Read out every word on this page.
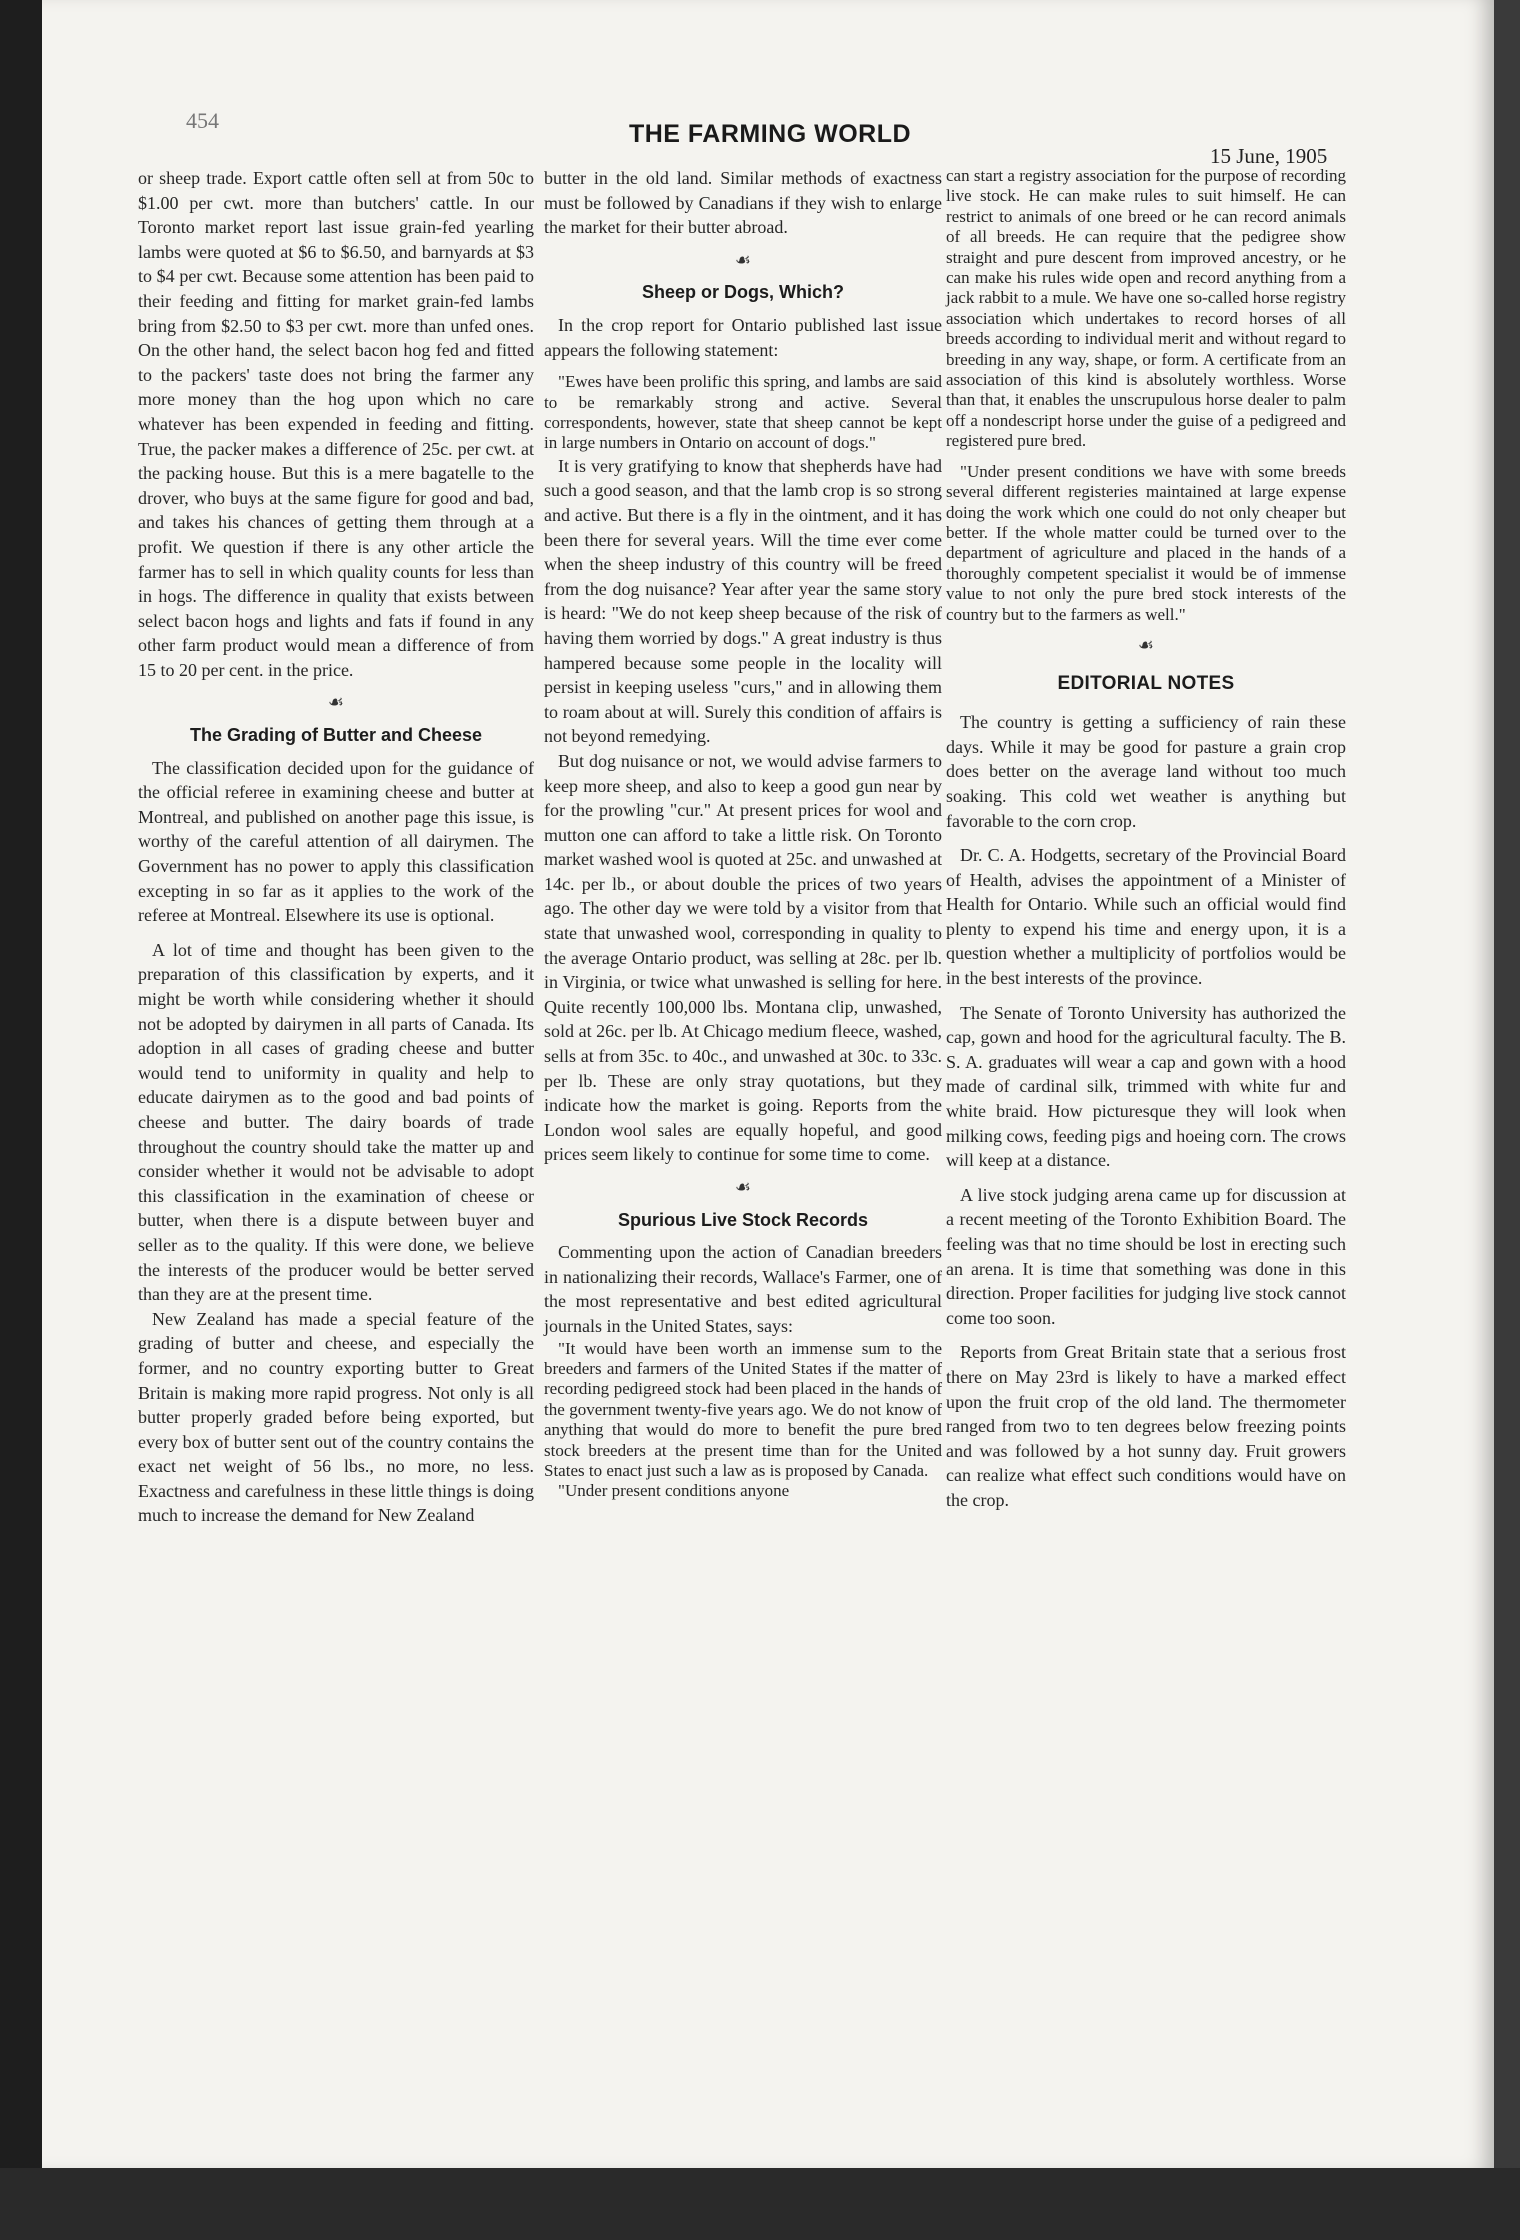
454	THE FARMING WORLD
15 June, 1905

or sheep trade. Export cattle often sell at from 50c to $1.00 per cwt. more than butchers' cattle. In our Toronto market report last issue grain-fed yearling lambs were quoted at $6 to $6.50, and barnyards at $3 to $4 per cwt. Because some attention has been paid to their feeding and fitting for market grain-fed lambs bring from $2.50 to $3 per cwt. more than unfed ones. On the other hand, the select bacon hog fed and fitted to the packers' taste does not bring the farmer any more money than the hog upon which no care whatever has been expended in feeding and fitting. True, the packer makes a difference of 25c. per cwt. at the packing house. But this is a mere bagatelle to the drover, who buys at the same figure for good and bad, and takes his chances of getting them through at a profit. We question if there is any other article the farmer has to sell in which quality counts for less than in hogs. The difference in quality that exists between select bacon hogs and lights and fats if found in any other farm product would mean a difference of from 15 to 20 per cent. in the price.

☙
The Grading of Butter and Cheese

The classification decided upon for the guidance of the official referee in examining cheese and butter at Montreal, and published on another page this issue, is worthy of the careful attention of all dairymen. The Government has no power to apply this classification excepting in so far as it applies to the work of the referee at Montreal. Elsewhere its use is optional.

A lot of time and thought has been given to the preparation of this classification by experts, and it might be worth while considering whether it should not be adopted by dairymen in all parts of Canada. Its adoption in all cases of grading cheese and butter would tend to uniformity in quality and help to educate dairymen as to the good and bad points of cheese and butter. The dairy boards of trade throughout the country should take the matter up and consider whether it would not be advisable to adopt this classification in the examination of cheese or butter, when there is a dispute between buyer and seller as to the quality. If this were done, we believe the interests of the producer would be better served than they are at the present time.

New Zealand has made a special feature of the grading of butter and cheese, and especially the former, and no country exporting butter to Great Britain is making more rapid progress. Not only is all butter properly graded before being exported, but every box of butter sent out of the country contains the exact net weight of 56 lbs., no more, no less. Exactness and carefulness in these little things is doing much to increase the demand for New Zealand

butter in the old land. Similar methods of exactness must be followed by Canadians if they wish to enlarge the market for their butter abroad.

☙
Sheep or Dogs, Which?

In the crop report for Ontario published last issue appears the following statement:

"Ewes have been prolific this spring, and lambs are said to be remarkably strong and active. Several correspondents, however, state that sheep cannot be kept in large numbers in Ontario on account of dogs."

It is very gratifying to know that shepherds have had such a good season, and that the lamb crop is so strong and active. But there is a fly in the ointment, and it has been there for several years. Will the time ever come when the sheep industry of this country will be freed from the dog nuisance? Year after year the same story is heard: "We do not keep sheep because of the risk of having them worried by dogs." A great industry is thus hampered because some people in the locality will persist in keeping useless "curs," and in allowing them to roam about at will. Surely this condition of affairs is not beyond remedying.

But dog nuisance or not, we would advise farmers to keep more sheep, and also to keep a good gun near by for the prowling "cur." At present prices for wool and mutton one can afford to take a little risk. On Toronto market washed wool is quoted at 25c. and unwashed at 14c. per lb., or about double the prices of two years ago. The other day we were told by a visitor from that state that unwashed wool, corresponding in quality to the average Ontario product, was selling at 28c. per lb. in Virginia, or twice what unwashed is selling for here. Quite recently 100,000 lbs. Montana clip, unwashed, sold at 26c. per lb. At Chicago medium fleece, washed, sells at from 35c. to 40c., and unwashed at 30c. to 33c. per lb. These are only stray quotations, but they indicate how the market is going. Reports from the London wool sales are equally hopeful, and good prices seem likely to continue for some time to come.

☙
Spurious Live Stock Records

Commenting upon the action of Canadian breeders in nationalizing their records, Wallace's Farmer, one of the most representative and best edited agricultural journals in the United States, says:

"It would have been worth an immense sum to the breeders and farmers of the United States if the matter of recording pedigreed stock had been placed in the hands of the government twenty-five years ago. We do not know of anything that would do more to benefit the pure bred stock breeders at the present time than for the United States to enact just such a law as is proposed by Canada.

"Under present conditions anyone

can start a registry association for the purpose of recording live stock. He can make rules to suit himself. He can restrict to animals of one breed or he can record animals of all breeds. He can require that the pedigree show straight and pure descent from improved ancestry, or he can make his rules wide open and record anything from a jack rabbit to a mule. We have one so-called horse registry association which undertakes to record horses of all breeds according to individual merit and without regard to breeding in any way, shape, or form. A certificate from an association of this kind is absolutely worthless. Worse than that, it enables the unscrupulous horse dealer to palm off a nondescript horse under the guise of a pedigreed and registered pure bred.

"Under present conditions we have with some breeds several different registeries maintained at large expense doing the work which one could do not only cheaper but better. If the whole matter could be turned over to the department of agriculture and placed in the hands of a thoroughly competent specialist it would be of immense value to not only the pure bred stock interests of the country but to the farmers as well."

☙
EDITORIAL NOTES

The country is getting a sufficiency of rain these days. While it may be good for pasture a grain crop does better on the average land without too much soaking. This cold wet weather is anything but favorable to the corn crop.

Dr. C. A. Hodgetts, secretary of the Provincial Board of Health, advises the appointment of a Minister of Health for Ontario. While such an official would find plenty to expend his time and energy upon, it is a question whether a multiplicity of portfolios would be in the best interests of the province.

The Senate of Toronto University has authorized the cap, gown and hood for the agricultural faculty. The B. S. A. graduates will wear a cap and gown with a hood made of cardinal silk, trimmed with white fur and white braid. How picturesque they will look when milking cows, feeding pigs and hoeing corn. The crows will keep at a distance.

A live stock judging arena came up for discussion at a recent meeting of the Toronto Exhibition Board. The feeling was that no time should be lost in erecting such an arena. It is time that something was done in this direction. Proper facilities for judging live stock cannot come too soon.

Reports from Great Britain state that a serious frost there on May 23rd is likely to have a marked effect upon the fruit crop of the old land. The thermometer ranged from two to ten degrees below freezing points and was followed by a hot sunny day. Fruit growers can realize what effect such conditions would have on the crop.
